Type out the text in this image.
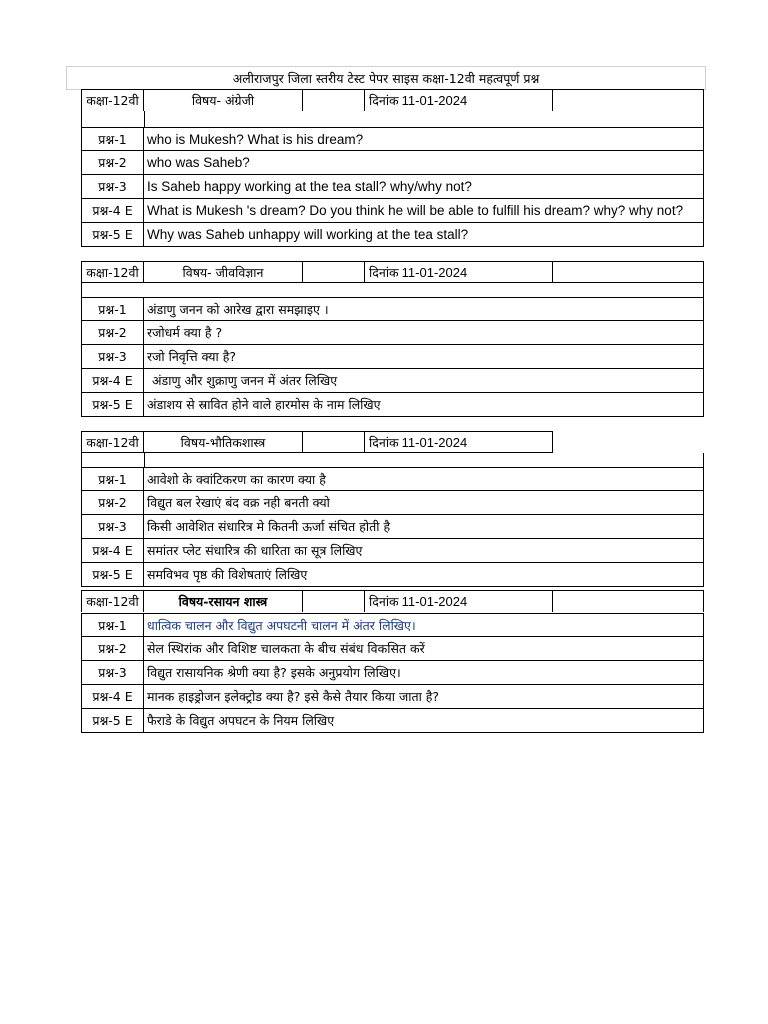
अलीराजपुर जिला स्तरीय टेस्ट पेपर साइस कक्षा-12वी महत्वपूर्ण प्रश्न
कक्षा-12वी	विषय- अंग्रेजी	दिनांक 11-01-2024
प्रश्न-1	who is Mukesh? What is his dream?
प्रश्न-2	who was Saheb?
प्रश्न-3	Is Saheb happy working at the tea stall? why/why not?
प्रश्न-4 E	What is Mukesh 's dream? Do you think he will be able to fulfill his dream? why? why not?
प्रश्न-5 E	Why was Saheb unhappy will working at the tea stall?
कक्षा-12वी	विषय- जीवविज्ञान	दिनांक 11-01-2024
प्रश्न-1	अंडाणु जनन को आरेख द्वारा समझाइए ।
प्रश्न-2	रजोधर्म क्या है ?
प्रश्न-3	रजो निवृत्ति क्या है?
प्रश्न-4 E	अंडाणु और शुक्राणु जनन में अंतर लिखिए
प्रश्न-5 E	अंडाशय से स्रावित होने वाले हारमोस के नाम लिखिए
कक्षा-12वी	विषय-भौतिकशास्त्र	दिनांक 11-01-2024
प्रश्न-1	आवेशो के क्वांटिकरण का कारण क्या है
प्रश्न-2	विद्युत बल रेखाएं बंद वक्र नही बनती क्यो
प्रश्न-3	किसी आवेशित संधारित्र मे कितनी ऊर्जा संचित होती है
प्रश्न-4 E	समांतर प्लेट संधारित्र की धारिता का सूत्र लिखिए
प्रश्न-5 E	समविभव पृष्ठ की विशेषताएं लिखिए
कक्षा-12वी	विषय-रसायन शास्त्र	दिनांक 11-01-2024
प्रश्न-1	धात्विक चालन और विद्युत अपघटनी चालन में अंतर लिखिए।
प्रश्न-2	सेल स्थिरांक और विशिष्ट चालकता के बीच संबंध विकसित करें
प्रश्न-3	विद्युत रासायनिक श्रेणी क्या है? इसके अनुप्रयोग लिखिए।
प्रश्न-4 E	मानक हाइड्रोजन इलेक्ट्रोड क्या है? इसे कैसे तैयार किया जाता है?
प्रश्न-5 E	फैराडे के विद्युत अपघटन के नियम लिखिए
